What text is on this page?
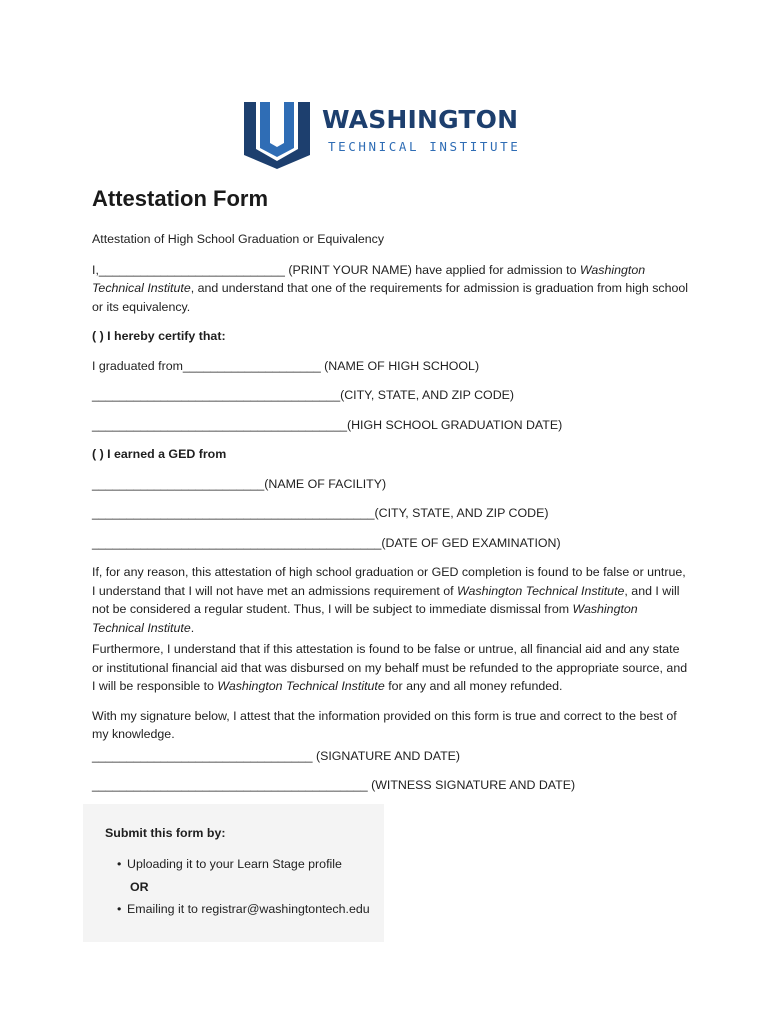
WASHINGTON
TECHNICAL INSTITUTE
Attestation Form

Attestation of High School Graduation or Equivalency

I,___________________________ (PRINT YOUR NAME) have applied for admission to Washington Technical Institute, and understand that one of the requirements for admission is graduation from high school or its equivalency.

( ) I hereby certify that:

I graduated from____________________ (NAME OF HIGH SCHOOL)

____________________________________(CITY, STATE, AND ZIP CODE)

_____________________________________(HIGH SCHOOL GRADUATION DATE)

( ) I earned a GED from

_________________________(NAME OF FACILITY)

_________________________________________(CITY, STATE, AND ZIP CODE)

__________________________________________(DATE OF GED EXAMINATION)

If, for any reason, this attestation of high school graduation or GED completion is found to be false or untrue, I understand that I will not have met an admissions requirement of Washington Technical Institute, and I will not be considered a regular student. Thus, I will be subject to immediate dismissal from Washington Technical Institute.

Furthermore, I understand that if this attestation is found to be false or untrue, all financial aid and any state or institutional financial aid that was disbursed on my behalf must be refunded to the appropriate source, and I will be responsible to Washington Technical Institute for any and all money refunded.

With my signature below, I attest that the information provided on this form is true and correct to the best of my knowledge.

________________________________ (SIGNATURE AND DATE)

________________________________________ (WITNESS SIGNATURE AND DATE)

Submit this form by:
• Uploading it to your Learn Stage profile
OR
• Emailing it to registrar@washingtontech.edu
